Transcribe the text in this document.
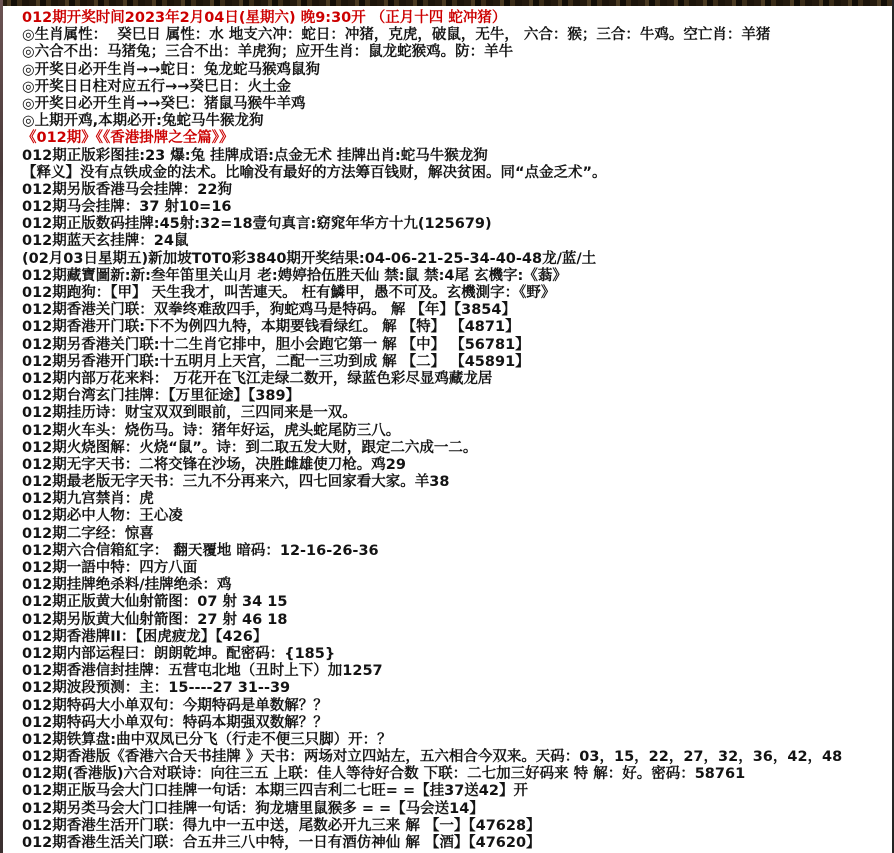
012期开奖时间2023年2月04日(星期六) 晚9:30开 （正月十四 蛇冲猪）
◎生肖属性：  癸巳日 属性：水 地支六冲：蛇日：冲猪，克虎，破鼠，无牛， 六合：猴；三合：牛鸡。空亡肖：羊猪
◎六合不出：马猪兔；三合不出：羊虎狗；应开生肖：鼠龙蛇猴鸡。防：羊牛
◎开奖日必开生肖→→蛇日：兔龙蛇马猴鸡鼠狗
◎开奖日日柱对应五行→→癸巳日：火土金
◎开奖日必开生肖→→癸巳：猪鼠马猴牛羊鸡
◎上期开鸡,本期必开:兔蛇马牛猴龙狗
《012期》《《香港掛牌之全篇》》
012期正版彩图挂:23 爆:兔 挂牌成语:点金无术 挂牌出肖:蛇马牛猴龙狗
【释义】没有点铁成金的法术。比喻没有最好的方法筹百钱财，解决贫困。同“点金乏术”。
012期另版香港马会挂牌：22狗
012期马会挂牌：37 射10=16
012期正版数码挂牌:45射:32=18壹句真言:窈窕年华方十九(125679)
012期蓝天玄挂牌：24鼠
(02月03日星期五)新加坡T0T0彩3840期开奖结果:04-06-21-25-34-40-48龙/蓝/土
012期藏寶圖新:新:叁年笛里关山月 老:娉婷拾伍胜天仙 禁:鼠 禁:4尾 玄機字:《蓊》
012期跑狗：【甲】 天生我才，叫苦連天。 枉有鱗甲，愚不可及。玄機測字：《野》
012期香港关门联：双拳终难敌四手，狗蛇鸡马是特码。 解 【年】【3854】
012期香港开门联:下不为例四九特，本期要钱看绿红。 解 【特】 【4871】
012期另香港关门联:十二生肖它排中，胆小会跑它第一 解 【中】 【56781】
012期另香港开门联:十五明月上天宫，二配一三功到成 解 【二】 【45891】
012期内部万花来料： 万花开在飞江走绿二数开，绿蓝色彩尽显鸡藏龙居
012期台湾玄门挂牌：【万里征途】【389】
012期挂历诗：财宝双双到眼前，三四同来是一双。
012期火车头：烧伤马。诗：猪年好运，虎头蛇尾防三八。
012期火烧图解：火烧“鼠”。诗：到二取五发大财，跟定二六成一二。
012期无字天书：二将交锋在沙场，决胜雌雄使刀枪。鸡29
012期最老版无字天书：三九不分再来六，四七回家看大家。羊38
012期九宫禁肖：虎
012期必中人物：王心凌
012期二字经：惊喜
012期六合信箱紅字： 翻天覆地 暗码：12-16-26-36
012期一語中特：四方八面
012期挂牌绝杀料/挂牌绝杀：鸡
012期正版黄大仙射箭图：07 射 34 15
012期另版黄大仙射箭图：27 射 46 18
012期香港牌II：【困虎疲龙】【426】
012期内部运程曰：朗朗乾坤。配密码：{185}
012期香港信封挂牌：五营屯北地（丑时上下）加1257
012期波段预测：主：15----27 31--39
012期特码大小单双句：今期特码是单数解？？
012期特码大小单双句：特码本期强双数解？？
012期铁算盘:曲中双凤已分飞（行走不便三只脚）开：？
012期香港版《香港六合天书挂牌 》天书：两场对立四站左，五六相合今双来。天码：03，15，22，27，32，36，42，48
012期(香港版)六合对联诗：向往三五 上联：佳人等待好合数 下联：二七加三好码来 特 解：好。密码：58761
012期正版马会大门口挂牌一句话：本期三四吉利二七旺= =【挂37送42】开
012期另类马会大门口挂牌一句话：狗龙塘里鼠猴多 = =【马会送14】
012期香港生活开门联：得九中一五中送，尾数必开九三来 解 【一】【47628】
012期香港生活关门联：合五井三八中特，一日有酒仿神仙 解 【酒】【47620】
